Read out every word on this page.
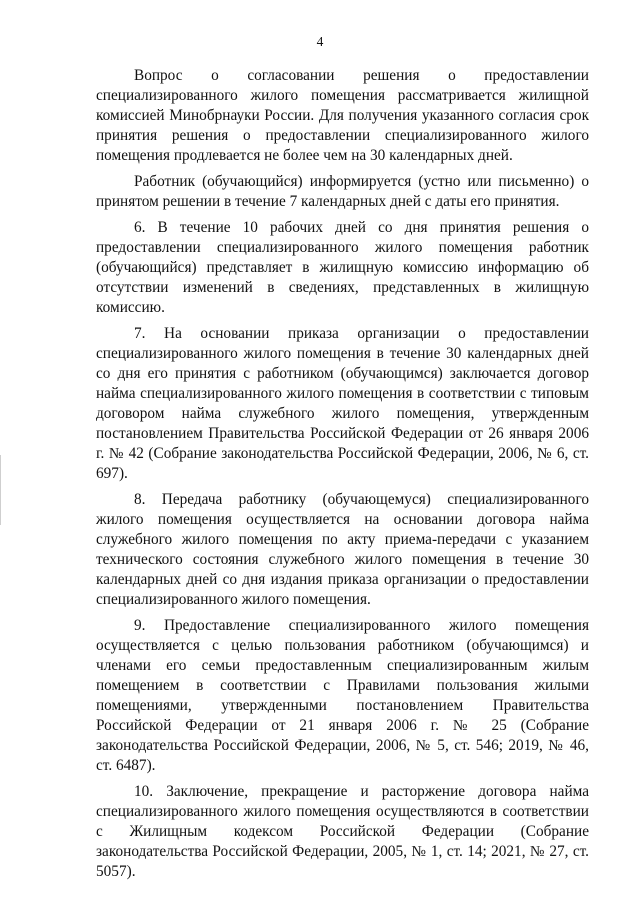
4

Вопрос о согласовании решения о предоставлении специализированного жилого помещения рассматривается жилищной комиссией Минобрнауки России. Для получения указанного согласия срок принятия решения о предоставлении специализированного жилого помещения продлевается не более чем на 30 календарных дней.

Работник (обучающийся) информируется (устно или письменно) о принятом решении в течение 7 календарных дней с даты его принятия.

6. В течение 10 рабочих дней со дня принятия решения о предоставлении специализированного жилого помещения работник (обучающийся) представляет в жилищную комиссию информацию об отсутствии изменений в сведениях, представленных в жилищную комиссию.

7. На основании приказа организации о предоставлении специализированного жилого помещения в течение 30 календарных дней со дня его принятия с работником (обучающимся) заключается договор найма специализированного жилого помещения в соответствии с типовым договором найма служебного жилого помещения, утвержденным постановлением Правительства Российской Федерации от 26 января 2006 г. № 42 (Собрание законодательства Российской Федерации, 2006, № 6, ст. 697).

8. Передача работнику (обучающемуся) специализированного жилого помещения осуществляется на основании договора найма служебного жилого помещения по акту приема-передачи с указанием технического состояния служебного жилого помещения в течение 30 календарных дней со дня издания приказа организации о предоставлении специализированного жилого помещения.

9. Предоставление специализированного жилого помещения осуществляется с целью пользования работником (обучающимся) и членами его семьи предоставленным специализированным жилым помещением в соответствии с Правилами пользования жилыми помещениями, утвержденными постановлением Правительства Российской Федерации от 21 января 2006 г. № 25 (Собрание законодательства Российской Федерации, 2006, № 5, ст. 546; 2019, № 46, ст. 6487).

10. Заключение, прекращение и расторжение договора найма специализированного жилого помещения осуществляются в соответствии с Жилищным кодексом Российской Федерации (Собрание законодательства Российской Федерации, 2005, № 1, ст. 14; 2021, № 27, ст. 5057).
